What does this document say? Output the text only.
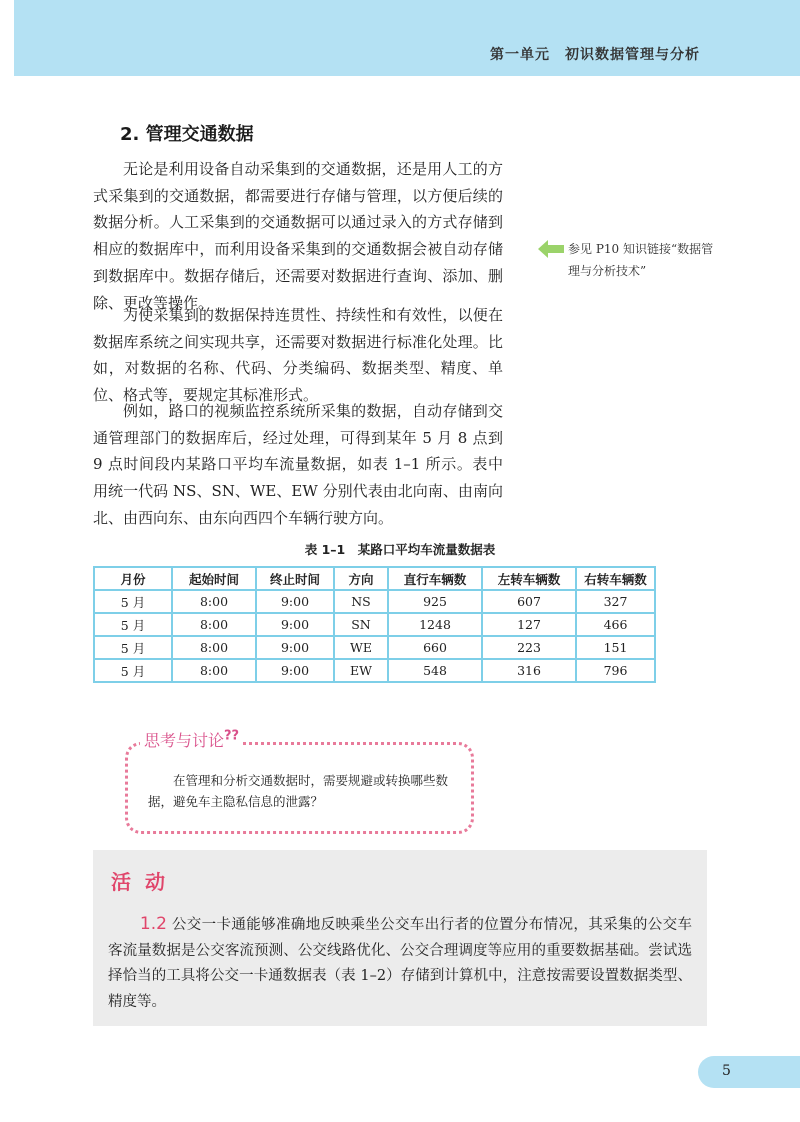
第一单元　初识数据管理与分析
2. 管理交通数据

无论是利用设备自动采集到的交通数据，还是用人工的方式采集到的交通数据，都需要进行存储与管理，以方便后续的数据分析。人工采集到的交通数据可以通过录入的方式存储到相应的数据库中，而利用设备采集到的交通数据会被自动存储到数据库中。数据存储后，还需要对数据进行查询、添加、删除、更改等操作。

为使采集到的数据保持连贯性、持续性和有效性，以便在数据库系统之间实现共享，还需要对数据进行标准化处理。比如，对数据的名称、代码、分类编码、数据类型、精度、单位、格式等，要规定其标准形式。

例如，路口的视频监控系统所采集的数据，自动存储到交通管理部门的数据库后，经过处理，可得到某年 5 月 8 点到 9 点时间段内某路口平均车流量数据，如表 1–1 所示。表中用统一代码 NS、SN、WE、EW 分别代表由北向南、由南向北、由西向东、由东向西四个车辆行驶方向。

参见 P10 知识链接“数据管理与分析技术”
表 1–1　某路口平均车流量数据表
月份	起始时间	终止时间	方向	直行车辆数	左转车辆数	右转车辆数
5 月	8:00	9:00	NS	925	607	327
5 月	8:00	9:00	SN	1248	127	466
5 月	8:00	9:00	WE	660	223	151
5 月	8:00	9:00	EW	548	316	796
思考与讨论??

在管理和分析交通数据时，需要规避或转换哪些数据，避免车主隐私信息的泄露？

活动

1.2 公交一卡通能够准确地反映乘坐公交车出行者的位置分布情况，其采集的公交车客流量数据是公交客流预测、公交线路优化、公交合理调度等应用的重要数据基础。尝试选择恰当的工具将公交一卡通数据表（表 1–2）存储到计算机中，注意按需要设置数据类型、精度等。

5
